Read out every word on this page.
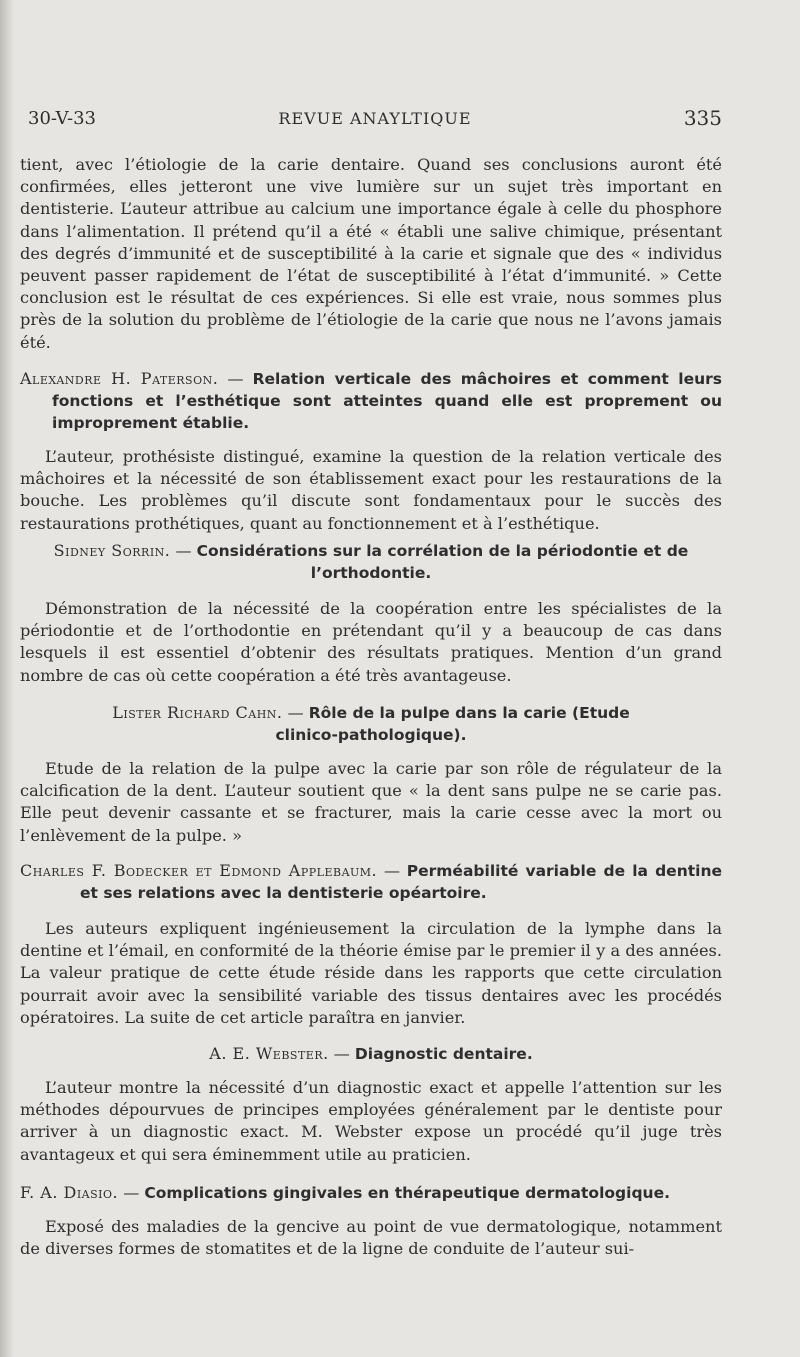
30-V-33	REVUE ANAYLTIQUE	335

tient, avec l’étiologie de la carie dentaire. Quand ses conclusions auront été confirmées, elles jetteront une vive lumière sur un sujet très important en dentisterie. L’auteur attribue au calcium une importance égale à celle du phosphore dans l’alimentation. Il prétend qu’il a été « établi une salive chimique, présentant des degrés d’immunité et de susceptibilité à la carie et signale que des « individus peuvent passer rapidement de l’état de susceptibilité à l’état d’immunité. » Cette conclusion est le résultat de ces expériences. Si elle est vraie, nous sommes plus près de la solution du problème de l’étiologie de la carie que nous ne l’avons jamais été.

Alexandre H. Paterson. — Relation verticale des mâchoires et comment leurs fonctions et l’esthétique sont atteintes quand elle est proprement ou improprement établie.

L’auteur, prothésiste distingué, examine la question de la relation verticale des mâchoires et la nécessité de son établissement exact pour les restaurations de la bouche. Les problèmes qu’il discute sont fondamentaux pour le succès des restaurations prothétiques, quant au fonctionnement et à l’esthétique.

Sidney Sorrin. — Considérations sur la corrélation de la périodontie et de l’orthodontie.

Démonstration de la nécessité de la coopération entre les spécialistes de la périodontie et de l’orthodontie en prétendant qu’il y a beaucoup de cas dans lesquels il est essentiel d’obtenir des résultats pratiques. Mention d’un grand nombre de cas où cette coopération a été très avantageuse.

Lister Richard Cahn. — Rôle de la pulpe dans la carie (Etude clinico-pathologique).

Etude de la relation de la pulpe avec la carie par son rôle de régulateur de la calcification de la dent. L’auteur soutient que « la dent sans pulpe ne se carie pas. Elle peut devenir cassante et se fracturer, mais la carie cesse avec la mort ou l’enlèvement de la pulpe. »

Charles F. Bodecker et Edmond Applebaum. — Perméabilité variable de la dentine et ses relations avec la dentisterie opéartoire.

Les auteurs expliquent ingénieusement la circulation de la lymphe dans la dentine et l’émail, en conformité de la théorie émise par le premier il y a des années. La valeur pratique de cette étude réside dans les rapports que cette circulation pourrait avoir avec la sensibilité variable des tissus dentaires avec les procédés opératoires. La suite de cet article paraîtra en janvier.

A. E. Webster. — Diagnostic dentaire.

L’auteur montre la nécessité d’un diagnostic exact et appelle l’attention sur les méthodes dépourvues de principes employées généralement par le dentiste pour arriver à un diagnostic exact. M. Webster expose un procédé qu’il juge très avantageux et qui sera éminemment utile au praticien.

F. A. Diasio. — Complications gingivales en thérapeutique dermatologique.

Exposé des maladies de la gencive au point de vue dermatologique, notamment de diverses formes de stomatites et de la ligne de conduite de l’auteur sui-
